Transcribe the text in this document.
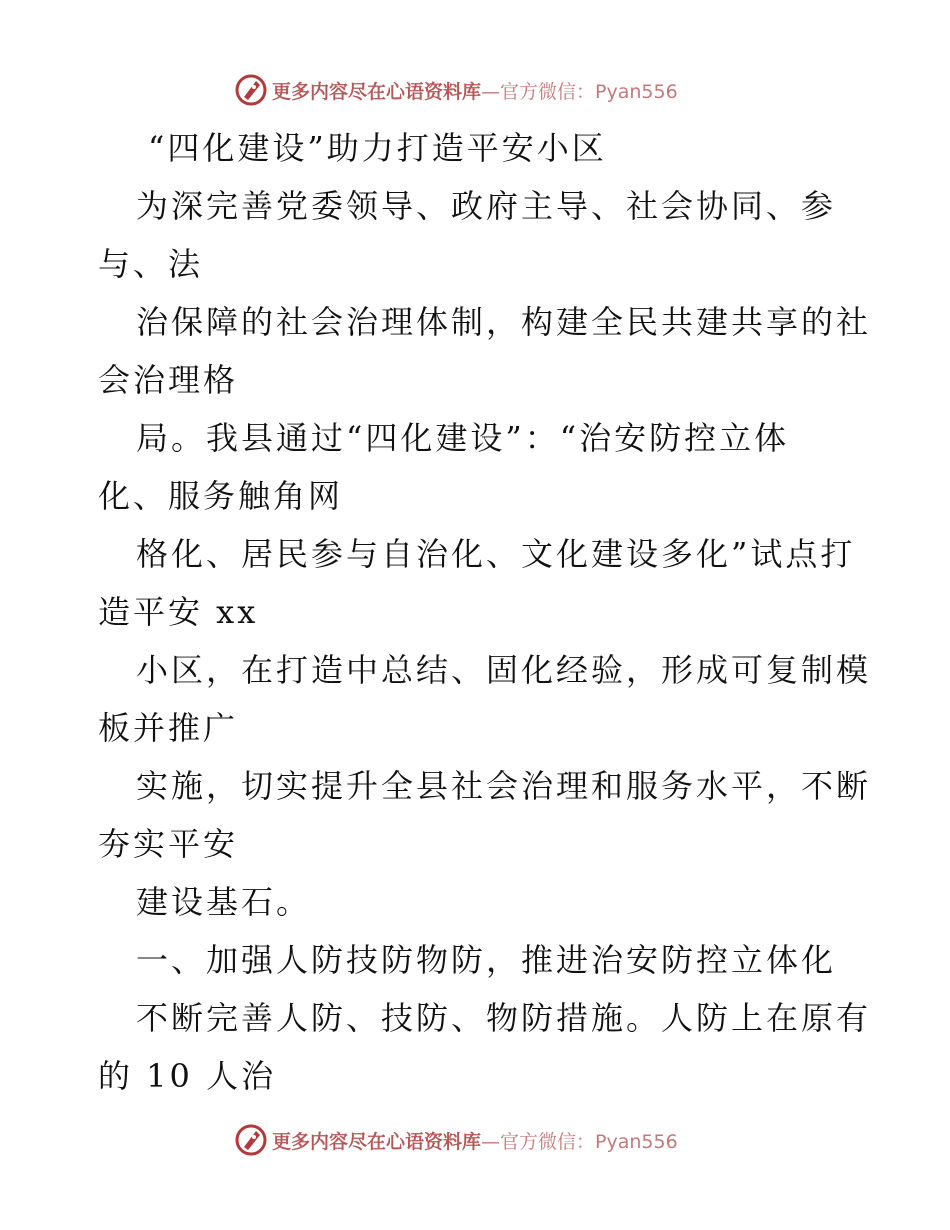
更多内容尽在心语资料库—官方微信：Pyan556
“四化建设”助力打造平安小区
为深完善党委领导、政府主导、社会协同、参
与、法
治保障的社会治理体制，构建全民共建共享的社
会治理格
局。我县通过“四化建设”：“治安防控立体
化、服务触角网
格化、居民参与自治化、文化建设多化”试点打
造平安 xx
小区，在打造中总结、固化经验，形成可复制模
板并推广
实施，切实提升全县社会治理和服务水平，不断
夯实平安
建设基石。
一、加强人防技防物防，推进治安防控立体化
不断完善人防、技防、物防措施。人防上在原有
的 10 人治
更多内容尽在心语资料库—官方微信：Pyan556
